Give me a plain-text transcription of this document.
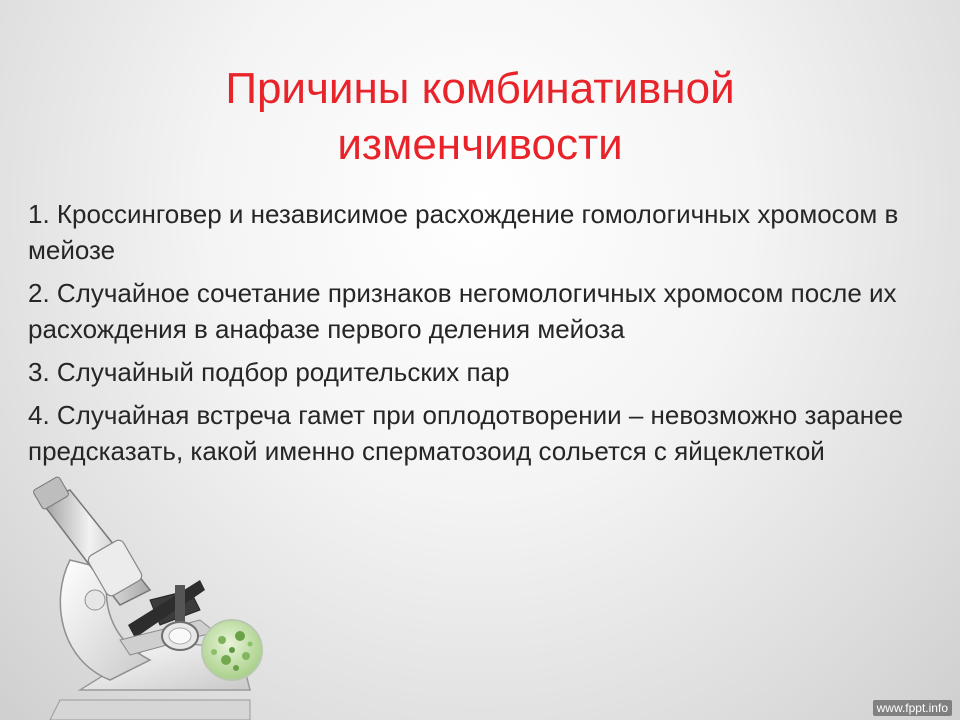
Причины комбинативной
изменчивости
1. Кроссинговер и независимое расхождение гомологичных хромосом в мейозе
2. Случайное сочетание признаков негомологичных хромосом после их расхождения в анафазе первого деления мейоза
3. Случайный подбор родительских пар
4. Случайная встреча гамет при оплодотворении – невозможно заранее предсказать, какой именно сперматозоид сольется с яйцеклеткой
www.fppt.info
